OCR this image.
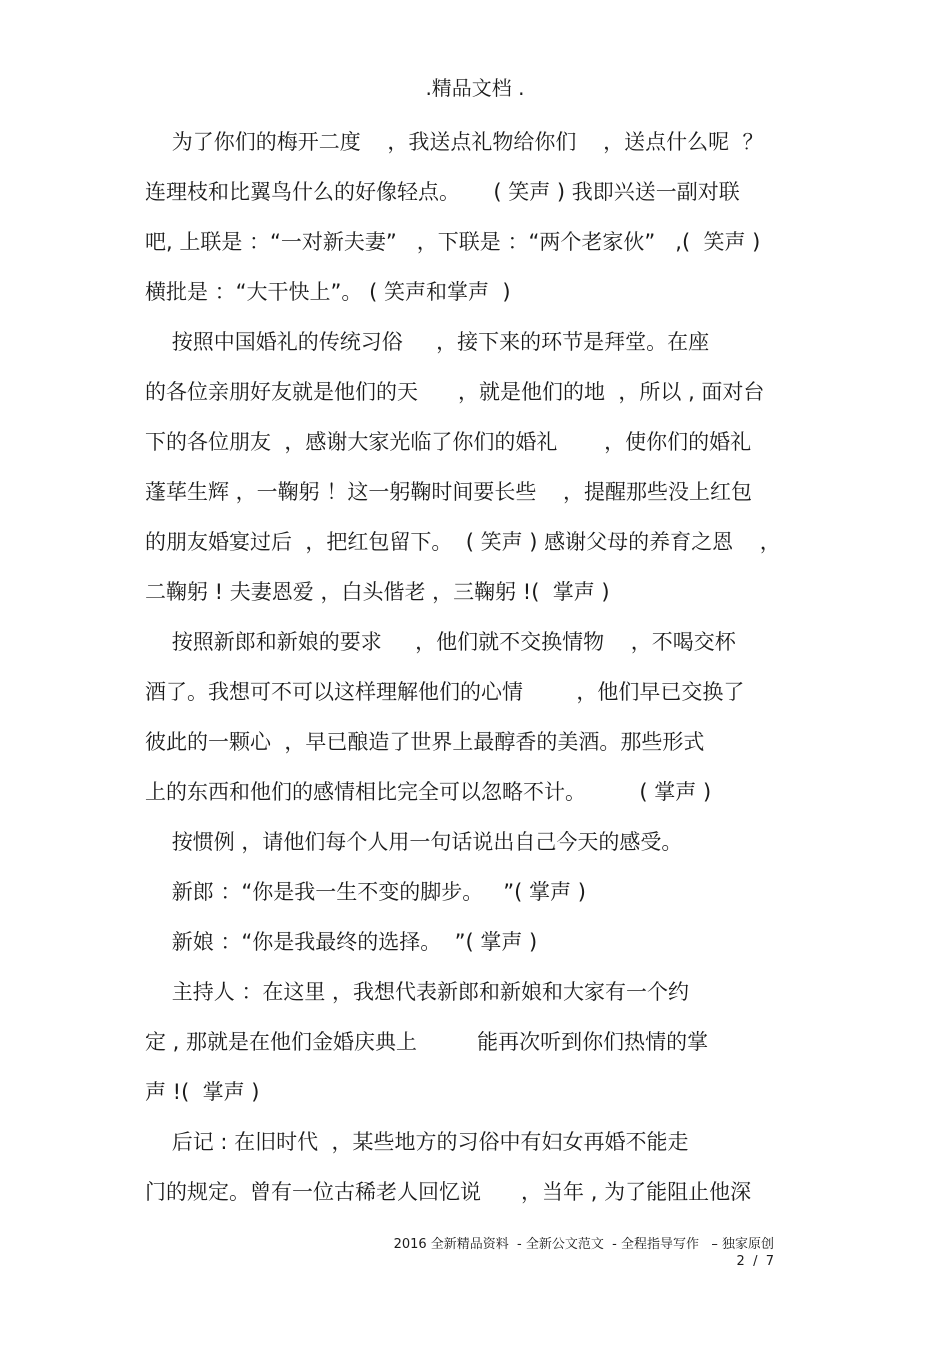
.精品文档 .
为了你们的梅开二度    ，我送点礼物给你们    ，送点什么呢  ？
连理枝和比翼鸟什么的好像轻点。     ( 笑声 ) 我即兴送一副对联
吧, 上联是 ：“一对新夫妻”   ，下联是 ：“两个老家伙”   ,(  笑声 )
横批是 ：“大干快上”。 ( 笑声和掌声  )
按照中国婚礼的传统习俗     ，接下来的环节是拜堂。在座
的各位亲朋好友就是他们的天      ，就是他们的地  ，所以 , 面对台
下的各位朋友  ，感谢大家光临了你们的婚礼       ，使你们的婚礼
蓬荜生辉 ，一鞠躬 ！这一躬鞠时间要长些    ，提醒那些没上红包
的朋友婚宴过后  ，把红包留下。  ( 笑声 ) 感谢父母的养育之恩    ，
二鞠躬 ! 夫妻恩爱 ，白头偕老 ，三鞠躬 !(  掌声 )
按照新郎和新娘的要求     ，他们就不交换情物    ，不喝交杯
酒了。我想可不可以这样理解他们的心情        ，他们早已交换了
彼此的一颗心  ，早已酿造了世界上最醇香的美酒。那些形式
上的东西和他们的感情相比完全可以忽略不计。        ( 掌声 )
按惯例 ，请他们每个人用一句话说出自己今天的感受。
新郎 ：“你是我一生不变的脚步。   ”( 掌声 )
新娘 ：“你是我最终的选择。  ”( 掌声 )
主持人 ：在这里 ，我想代表新郎和新娘和大家有一个约
定 , 那就是在他们金婚庆典上         能再次听到你们热情的掌
声 !(  掌声 )
后记 : 在旧时代  ，某些地方的习俗中有妇女再婚不能走
门的规定。曾有一位古稀老人回忆说      ，当年 , 为了能阻止他深
2016 全新精品资料  - 全新公文范文  - 全程指导写作   – 独家原创
2  /  7
